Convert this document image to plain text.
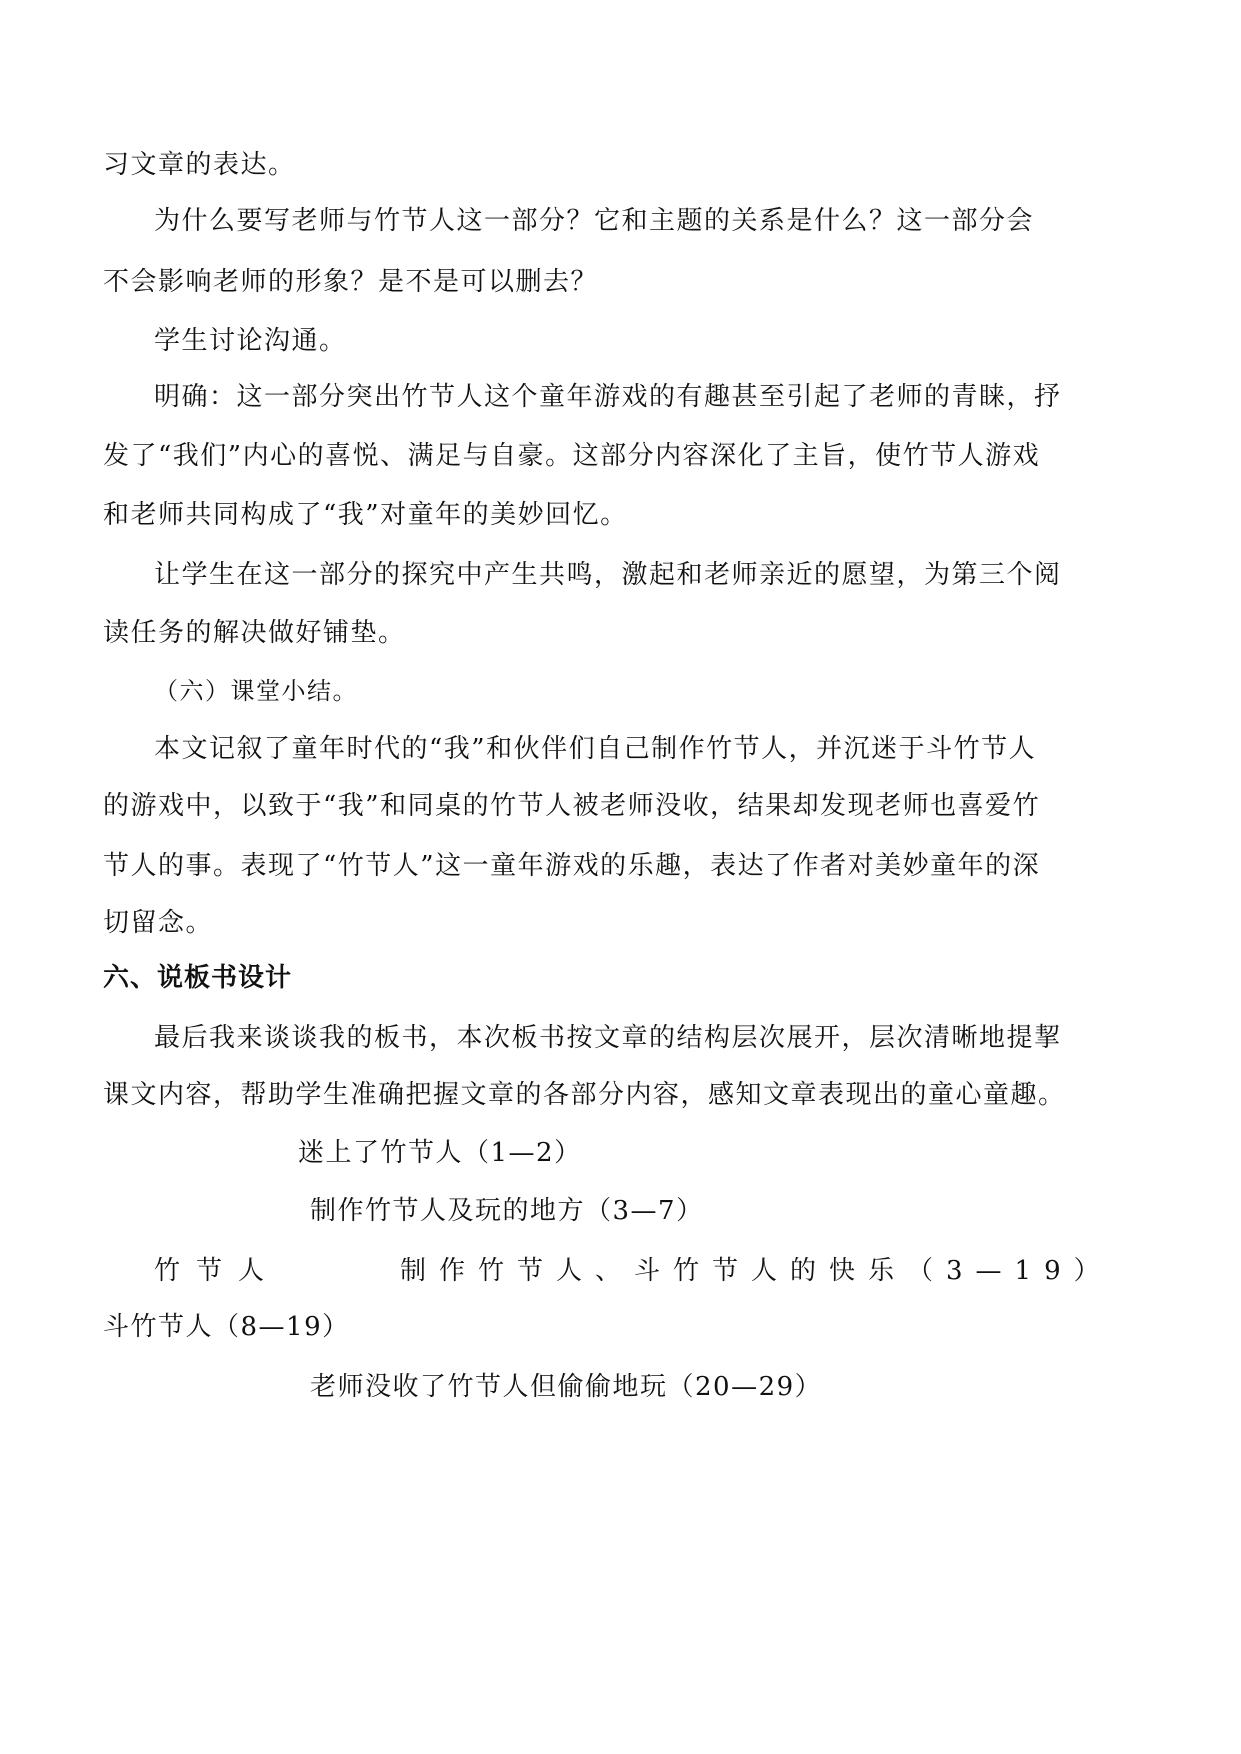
习文章的表达。
为什么要写老师与竹节人这一部分？它和主题的关系是什么？这一部分会
不会影响老师的形象？是不是可以删去？
学生讨论沟通。
明确：这一部分突出竹节人这个童年游戏的有趣甚至引起了老师的青睐，抒
发了“我们”内心的喜悦、满足与自豪。这部分内容深化了主旨，使竹节人游戏
和老师共同构成了“我”对童年的美妙回忆。
让学生在这一部分的探究中产生共鸣，激起和老师亲近的愿望，为第三个阅
读任务的解决做好铺垫。
（六）课堂小结。
本文记叙了童年时代的“我”和伙伴们自己制作竹节人，并沉迷于斗竹节人
的游戏中，以致于“我”和同桌的竹节人被老师没收，结果却发现老师也喜爱竹
节人的事。表现了“竹节人”这一童年游戏的乐趣，表达了作者对美妙童年的深
切留念。
六、说板书设计
最后我来谈谈我的板书，本次板书按文章的结构层次展开，层次清晰地提挈
课文内容，帮助学生准确把握文章的各部分内容，感知文章表现出的童心童趣。
迷上了竹节人（1—2）
制作竹节人及玩的地方（3—7）
竹节人	制作竹节人、斗竹节人的快乐（3—19）
斗竹节人（8—19）
老师没收了竹节人但偷偷地玩（20—29）
